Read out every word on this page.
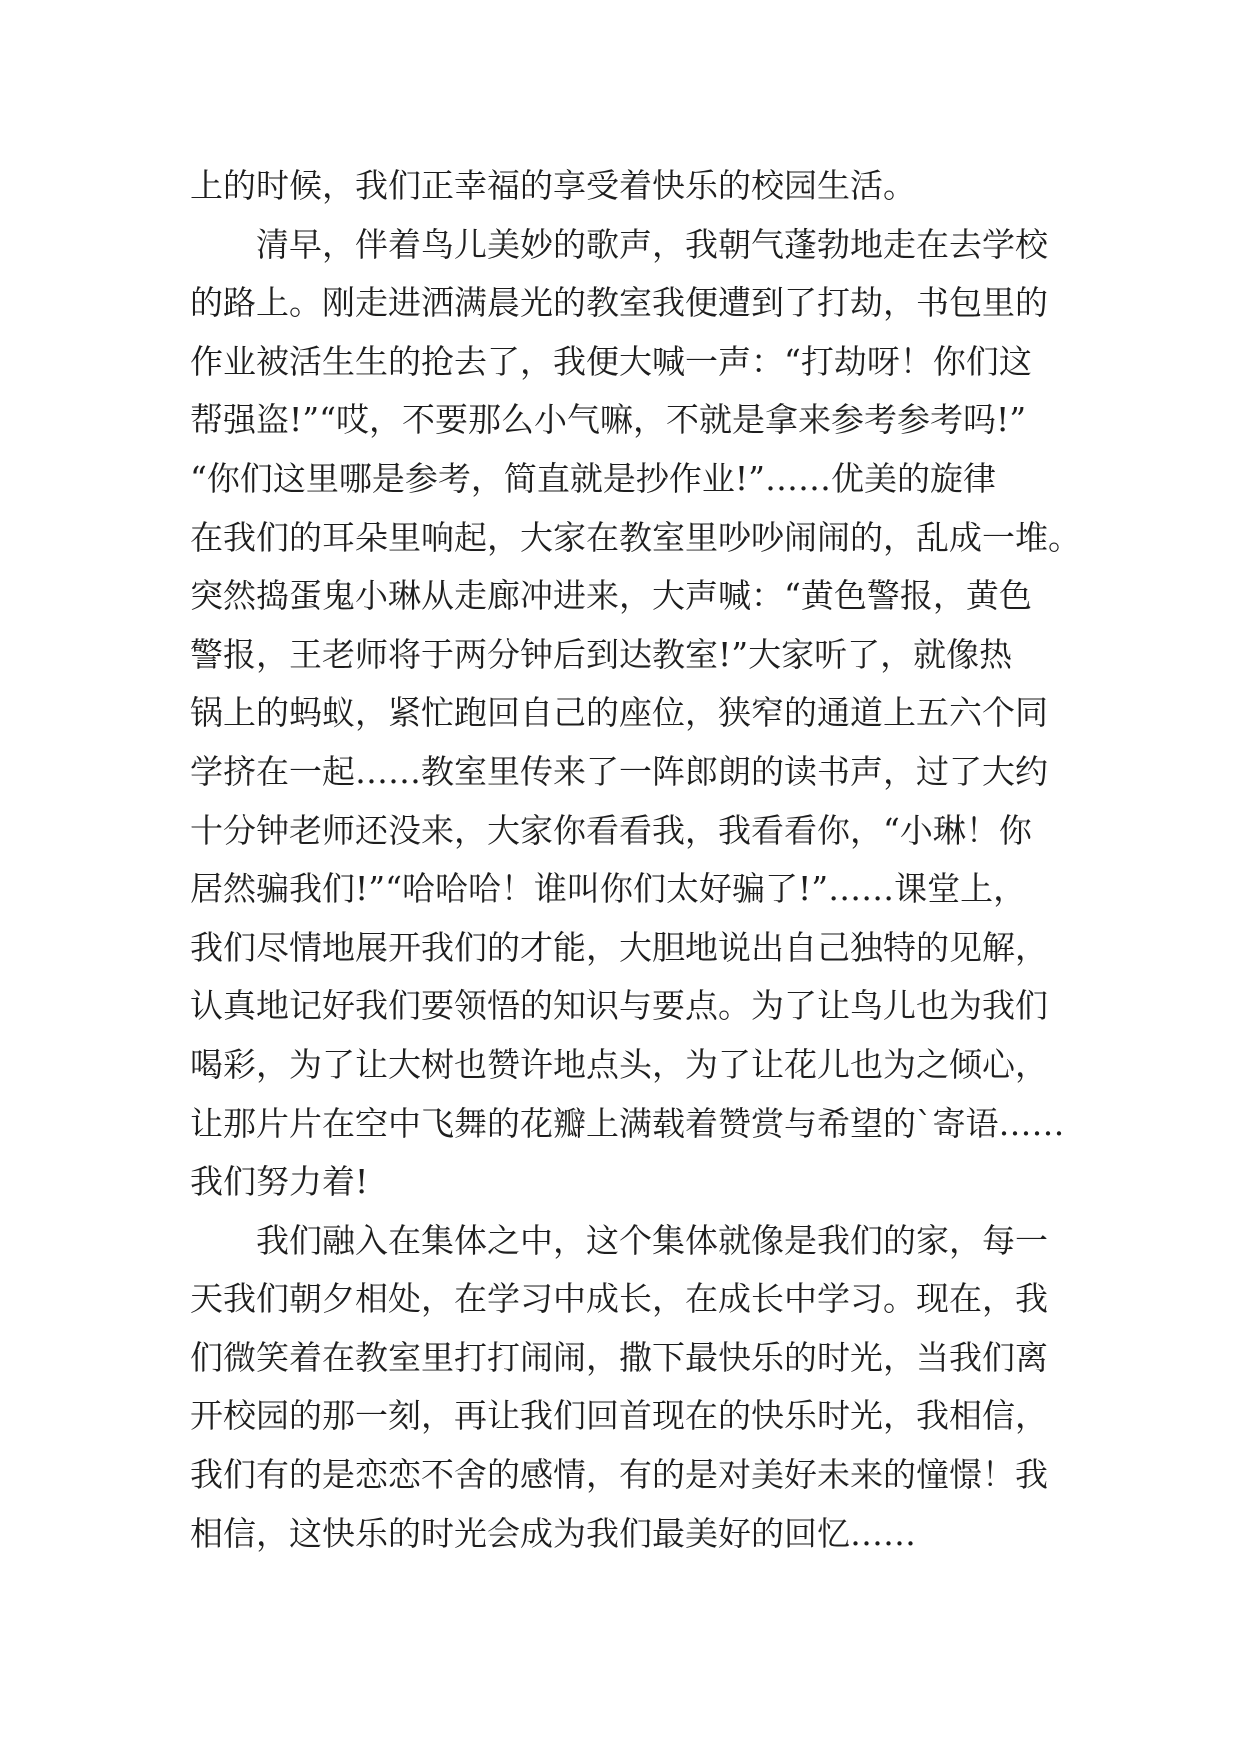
上的时候，我们正幸福的享受着快乐的校园生活。
　　清早，伴着鸟儿美妙的歌声，我朝气蓬勃地走在去学校
的路上。刚走进洒满晨光的教室我便遭到了打劫，书包里的
作业被活生生的抢去了，我便大喊一声：“打劫呀！你们这
帮强盗!”“哎，不要那么小气嘛，不就是拿来参考参考吗!”
“你们这里哪是参考，简直就是抄作业!”……优美的旋律
在我们的耳朵里响起，大家在教室里吵吵闹闹的，乱成一堆。
突然捣蛋鬼小琳从走廊冲进来，大声喊：“黄色警报，黄色
警报，王老师将于两分钟后到达教室!”大家听了，就像热
锅上的蚂蚁，紧忙跑回自己的座位，狭窄的通道上五六个同
学挤在一起……教室里传来了一阵郎朗的读书声，过了大约
十分钟老师还没来，大家你看看我，我看看你，“小琳！你
居然骗我们!”“哈哈哈！谁叫你们太好骗了!”……课堂上，
我们尽情地展开我们的才能，大胆地说出自己独特的见解，
认真地记好我们要领悟的知识与要点。为了让鸟儿也为我们
喝彩，为了让大树也赞许地点头，为了让花儿也为之倾心，
让那片片在空中飞舞的花瓣上满载着赞赏与希望的`寄语……
我们努力着!
　　我们融入在集体之中，这个集体就像是我们的家，每一
天我们朝夕相处，在学习中成长，在成长中学习。现在，我
们微笑着在教室里打打闹闹，撒下最快乐的时光，当我们离
开校园的那一刻，再让我们回首现在的快乐时光，我相信，
我们有的是恋恋不舍的感情，有的是对美好未来的憧憬！我
相信，这快乐的时光会成为我们最美好的回忆……
